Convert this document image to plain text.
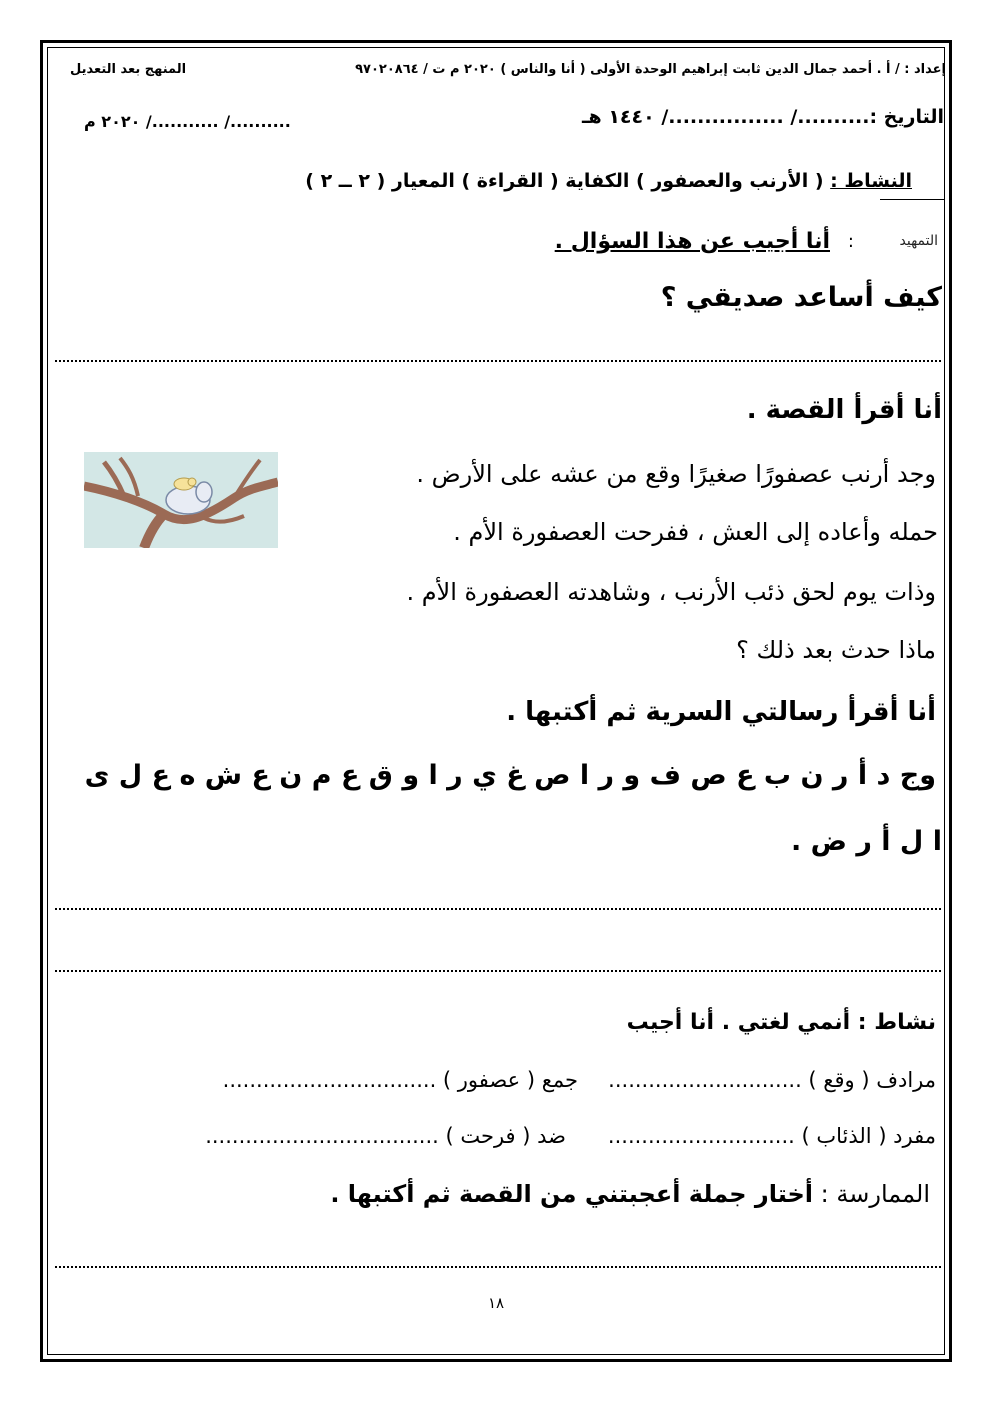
إعداد : / أ . أحمد جمال الدين ثابت إبراهيم الوحدة الأولى ( أنا والناس ) ٢٠٢٠ م ت / ٩٧٠٢٠٨٦٤
المنهج بعد التعديل
التاريخ :........../ ................/ ١٤٤٠ هـ
........../ .........../ ٢٠٢٠ م
النشاط : ( الأرنب والعصفور ) الكفاية ( القراءة ) المعيار ( ٢ ــ ٢ )
التمهيد
:
أنا أجيب عن هذا السؤال .
كيف أساعد صديقي ؟
أنا أقرأ القصة .
وجد أرنب عصفورًا صغيرًا وقع من عشه على الأرض .
حمله وأعاده إلى العش ، ففرحت العصفورة الأم .
وذات يوم لحق ذئب الأرنب ، وشاهدته العصفورة الأم .
ماذا حدث بعد ذلك ؟
أنا أقرأ رسالتي السرية ثم أكتبها .
وج د أ ر ن ب ع ص ف و ر ا ص غ ي ر ا و ق ع م ن ع ش ه ع ل ى
ا ل أ ر ض .
نشاط : أنمي لغتي . أنا أجيب
مرادف ( وقع ) .............................
جمع ( عصفور ) ................................
مفرد ( الذئاب ) ............................
ضد ( فرحت ) ...................................
الممارسة : أختار جملة أعجبتني من القصة ثم أكتبها .
١٨
